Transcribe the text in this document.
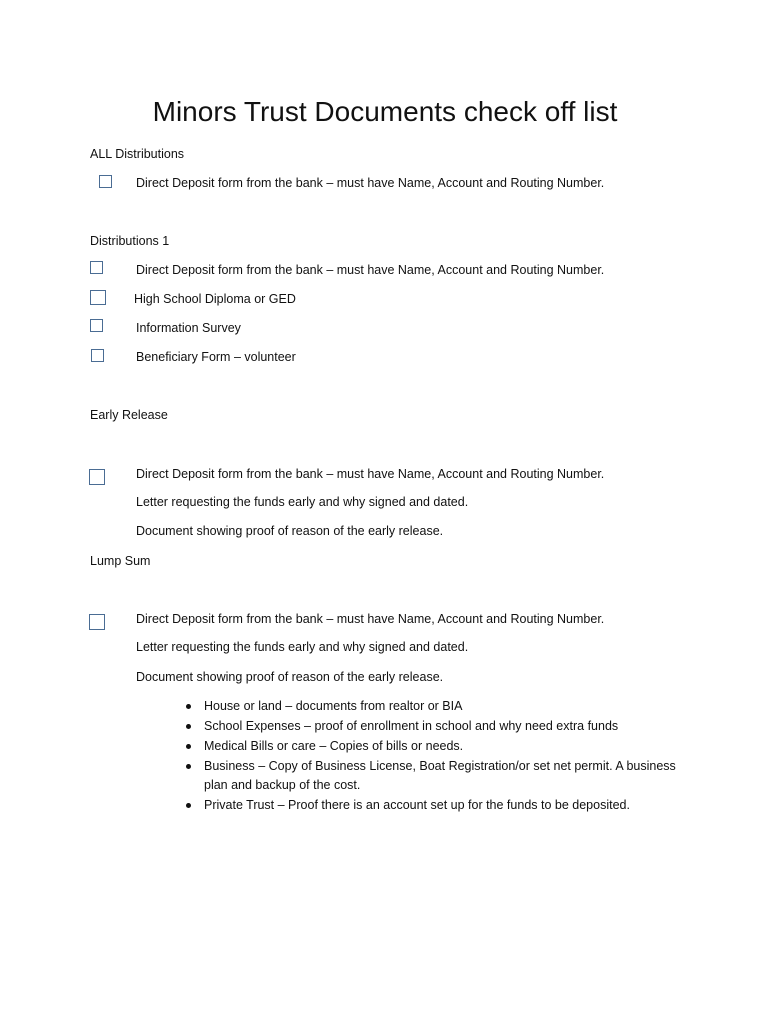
Minors Trust Documents check off list
ALL Distributions
Direct Deposit form from the bank – must have Name, Account and Routing Number.
Distributions 1
Direct Deposit form from the bank – must have Name, Account and Routing Number.
High School Diploma or GED
Information Survey
Beneficiary Form – volunteer
Early Release
Direct Deposit form from the bank – must have Name, Account and Routing Number.
Letter requesting the funds early and why signed and dated.
Document showing proof of reason of the early release.
Lump Sum
Direct Deposit form from the bank – must have Name, Account and Routing Number.
Letter requesting the funds early and why signed and dated.
Document showing proof of reason of the early release.
House or land – documents from realtor or BIA
School Expenses – proof of enrollment in school and why need extra funds
Medical Bills or care – Copies of bills or needs.
Business – Copy of Business License, Boat Registration/or set net permit. A business plan and backup of the cost.
Private Trust – Proof there is an account set up for the funds to be deposited.
